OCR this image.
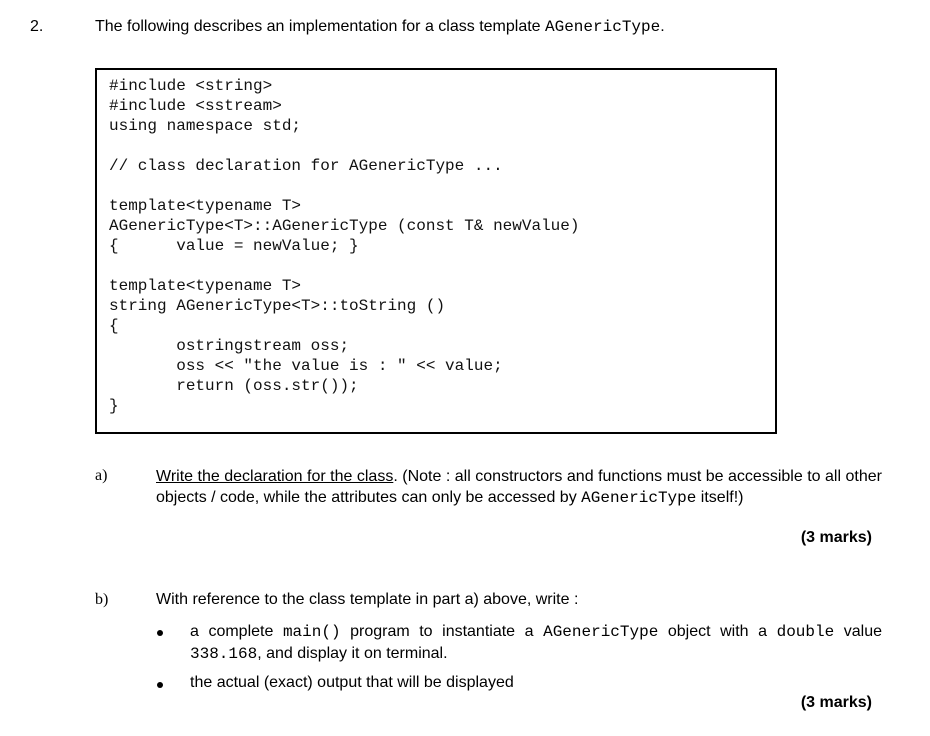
2.	The following describes an implementation for a class template AGenericType.
#include <string>
#include <sstream>
using namespace std;
// class declaration for AGenericType ...
template<typename T>
AGenericType<T>::AGenericType (const T& newValue)
{      value = newValue; }
template<typename T>
string AGenericType<T>::toString ()
{
ostringstream oss;
oss << "the value is : " << value;
return (oss.str());
}
a)	Write the declaration for the class. (Note : all constructors and functions must be accessible to all other objects / code, while the attributes can only be accessed by AGenericType itself!)
(3 marks)
b)	With reference to the class template in part a) above, write :
a complete main() program to instantiate a AGenericType object with a double value 338.168, and display it on terminal.
the actual (exact) output that will be displayed
(3 marks)
